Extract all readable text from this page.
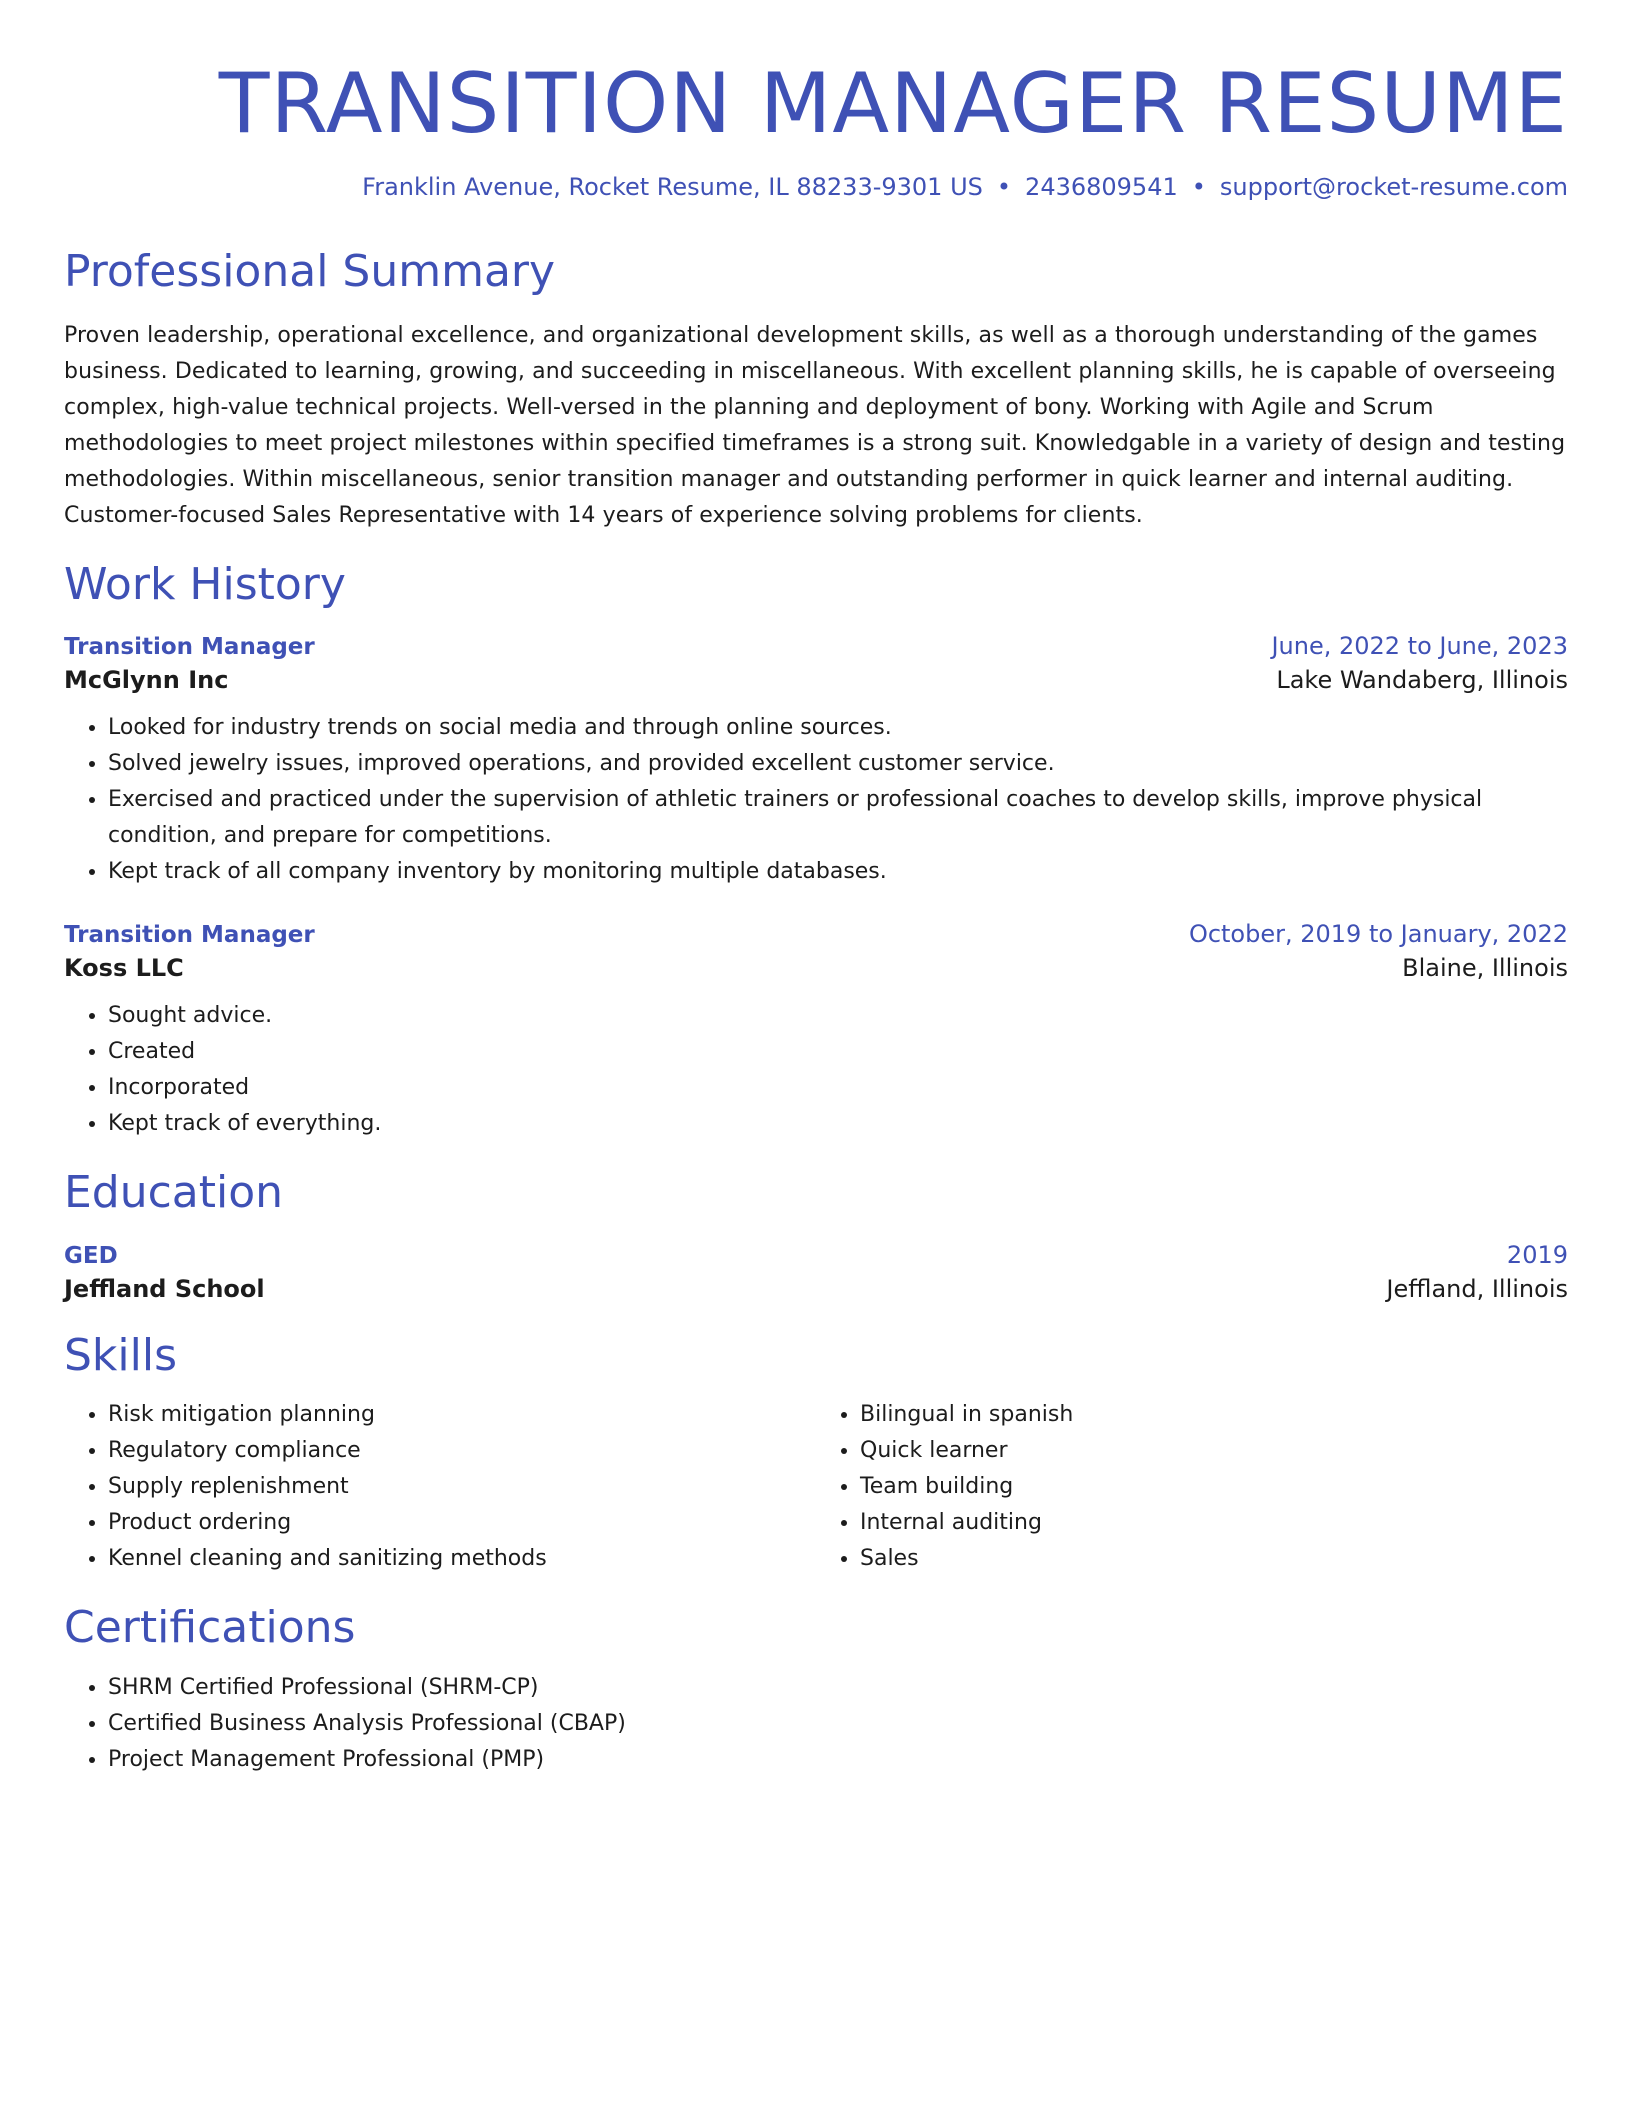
TRANSITION MANAGER RESUME
Franklin Avenue, Rocket Resume, IL 88233-9301 US • 2436809541 • support@rocket-resume.com
Professional Summary
Proven leadership, operational excellence, and organizational development skills, as well as a thorough understanding of the games business. Dedicated to learning, growing, and succeeding in miscellaneous. With excellent planning skills, he is capable of overseeing complex, high-value technical projects. Well-versed in the planning and deployment of bony. Working with Agile and Scrum methodologies to meet project milestones within specified timeframes is a strong suit. Knowledgable in a variety of design and testing methodologies. Within miscellaneous, senior transition manager and outstanding performer in quick learner and internal auditing. Customer-focused Sales Representative with 14 years of experience solving problems for clients.
Work History
Transition Manager	June, 2022 to June, 2023
McGlynn Inc	Lake Wandaberg, Illinois
• Looked for industry trends on social media and through online sources.
• Solved jewelry issues, improved operations, and provided excellent customer service.
• Exercised and practiced under the supervision of athletic trainers or professional coaches to develop skills, improve physical condition, and prepare for competitions.
• Kept track of all company inventory by monitoring multiple databases.
Transition Manager	October, 2019 to January, 2022
Koss LLC	Blaine, Illinois
• Sought advice.
• Created
• Incorporated
• Kept track of everything.
Education
GED	2019
Jeffland School	Jeffland, Illinois
Skills
• Risk mitigation planning
• Regulatory compliance
• Supply replenishment
• Product ordering
• Kennel cleaning and sanitizing methods
• Bilingual in spanish
• Quick learner
• Team building
• Internal auditing
• Sales
Certifications
• SHRM Certified Professional (SHRM-CP)
• Certified Business Analysis Professional (CBAP)
• Project Management Professional (PMP)
